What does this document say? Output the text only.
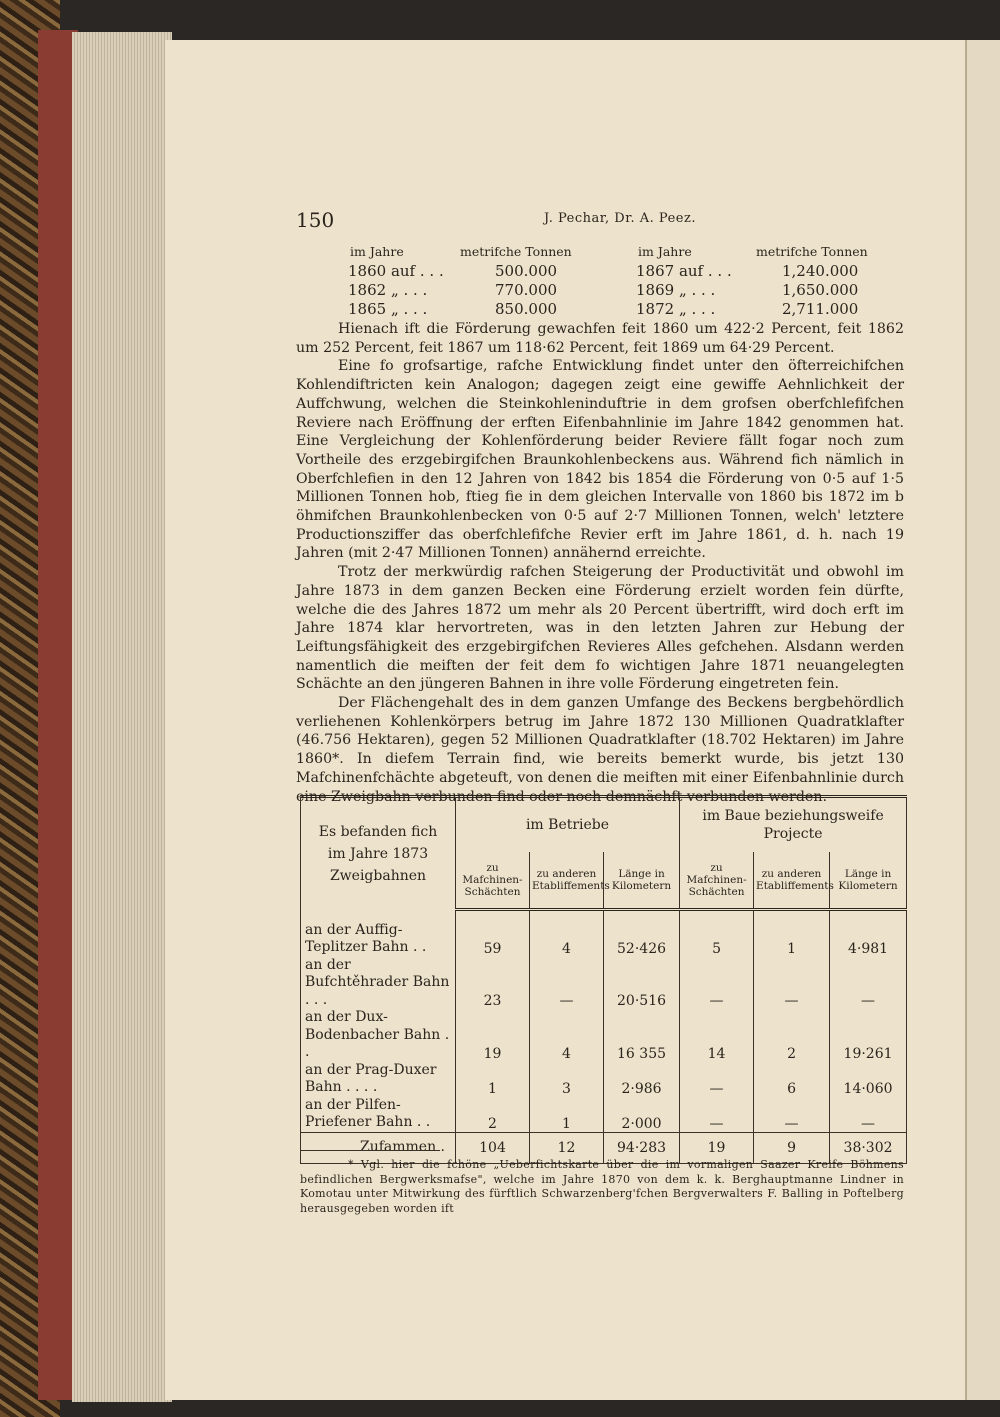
150	J. Pechar, Dr. A. Peez.
im Jahre	metrifche Tonnen	im Jahre	metrifche Tonnen
1860 auf . . .	500.000	1867 auf . . .	1,240.000
1862 „ . . .	770.000	1869 „ . . .	1,650.000
1865 „ . . .	850.000	1872 „ . . .	2,711.000

Hienach ift die Förderung gewachfen feit 1860 um 422·2 Percent, feit 1862 um 252 Percent, feit 1867 um 118·62 Percent, feit 1869 um 64·29 Percent.

Eine fo grofsartige, rafche Entwicklung findet unter den öfterreichifchen Kohlendiftricten kein Analogon; dagegen zeigt eine gewiffe Aehnlichkeit der Auffchwung, welchen die Steinkohleninduftrie in dem grofsen oberfchlefifchen Reviere nach Eröffnung der erften Eifenbahnlinie im Jahre 1842 genommen hat. Eine Vergleichung der Kohlenförderung beider Reviere fällt fogar noch zum Vortheile des erzgebirgifchen Braunkohlenbeckens aus. Während fich nämlich in Oberfchlefien in den 12 Jahren von 1842 bis 1854 die Förderung von 0·5 auf 1·5 Millionen Tonnen hob, ftieg fie in dem gleichen Intervalle von 1860 bis 1872 im b öhmifchen Braunkohlenbecken von 0·5 auf 2·7 Millionen Tonnen, welch' letztere Productionsziffer das oberfchlefifche Revier erft im Jahre 1861, d. h. nach 19 Jahren (mit 2·47 Millionen Tonnen) annähernd erreichte.

Trotz der merkwürdig rafchen Steigerung der Productivität und obwohl im Jahre 1873 in dem ganzen Becken eine Förderung erzielt worden fein dürfte, welche die des Jahres 1872 um mehr als 20 Percent übertrifft, wird doch erft im Jahre 1874 klar hervortreten, was in den letzten Jahren zur Hebung der Leiftungsfähigkeit des erzgebirgifchen Revieres Alles gefchehen. Alsdann werden namentlich die meiften der feit dem fo wichtigen Jahre 1871 neuangelegten Schächte an den jüngeren Bahnen in ihre volle Förderung eingetreten fein.

Der Flächengehalt des in dem ganzen Umfange des Beckens bergbehördlich verliehenen Kohlenkörpers betrug im Jahre 1872 130 Millionen Quadratklafter (46.756 Hektaren), gegen 52 Millionen Quadratklafter (18.702 Hektaren) im Jahre 1860*. In diefem Terrain find, wie bereits bemerkt wurde, bis jetzt 130 Mafchinenfchächte abgeteuft, von denen die meiften mit einer Eifenbahnlinie durch eine Zweigbahn verbunden find oder noch demnächft verbunden werden.

Es befanden fich im Jahre 1873 Zweigbahnen	im Betriebe			im Baue beziehungsweife Projecte		
	zu Mafchinen-Schächten	zu anderen Etabliffements	Länge in Kilometern	zu Mafchinen-Schächten	zu anderen Etabliffements	Länge in Kilometern
an der Auffig-Teplitzer Bahn . .	59	4	52·426	5	1	4·981
an der Bufchtěhrader Bahn . . .	23	—	20·516	—	—	—
an der Dux-Bodenbacher Bahn . .	19	4	16 355	14	2	19·261
an der Prag-Duxer Bahn . . . .	1	3	2·986	—	6	14·060
an der Pilfen-Priefener Bahn . .	2	1	2·000	—	—	—
Zufammen .	104	12	94·283	19	9	38·302
* Vgl. hier die fchöne „Ueberfichtskarte über die im vormaligen Saazer Kreife Böhmens befindlichen Bergwerksmafse", welche im Jahre 1870 von dem k. k. Berghauptmanne Lindner in Komotau unter Mitwirkung des fürftlich Schwarzenberg'fchen Bergverwalters F. Balling in Poftelberg herausgegeben worden ift
